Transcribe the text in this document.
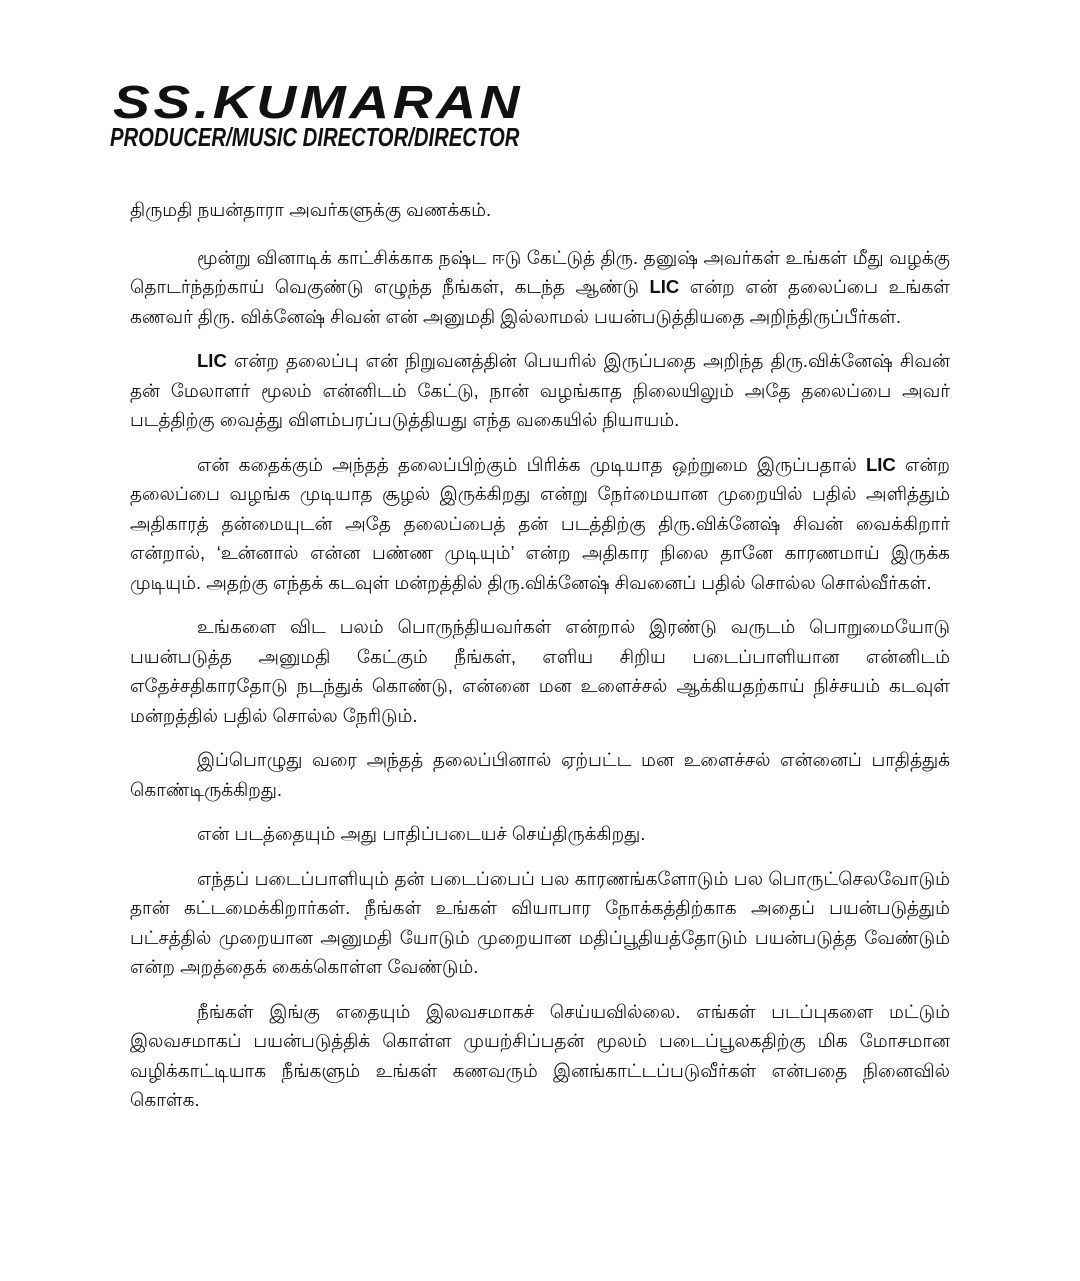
SS.KUMARAN
PRODUCER/MUSIC DIRECTOR/DIRECTOR

திருமதி நயன்தாரா அவர்களுக்கு வணக்கம்.

மூன்று வினாடிக் காட்சிக்காக நஷ்ட ஈடு கேட்டுத் திரு. தனுஷ் அவர்கள் உங்கள் மீது வழக்கு தொடர்ந்தற்காய் வெகுண்டு எழுந்த நீங்கள், கடந்த ஆண்டு LIC என்ற என் தலைப்பை உங்கள் கணவர் திரு. விக்னேஷ் சிவன் என் அனுமதி இல்லாமல் பயன்படுத்தியதை அறிந்திருப்பீர்கள்.

LIC என்ற தலைப்பு என் நிறுவனத்தின் பெயரில் இருப்பதை அறிந்த திரு.விக்னேஷ் சிவன் தன் மேலாளர் மூலம் என்னிடம் கேட்டு, நான் வழங்காத நிலையிலும் அதே தலைப்பை அவர் படத்திற்கு வைத்து விளம்பரப்படுத்தியது எந்த வகையில் நியாயம்.

என் கதைக்கும் அந்தத் தலைப்பிற்கும் பிரிக்க முடியாத ஒற்றுமை இருப்பதால் LIC என்ற தலைப்பை வழங்க முடியாத சூழல் இருக்கிறது என்று நேர்மையான முறையில் பதில் அளித்தும் அதிகாரத் தன்மையுடன் அதே தலைப்பைத் தன் படத்திற்கு திரு.விக்னேஷ் சிவன் வைக்கிறார் என்றால், ‘உன்னால் என்ன பண்ண முடியும்’ என்ற அதிகார நிலை தானே காரணமாய் இருக்க முடியும். அதற்கு எந்தக் கடவுள் மன்றத்தில் திரு.விக்னேஷ் சிவனைப் பதில் சொல்ல சொல்வீர்கள்.

உங்களை விட பலம் பொருந்தியவர்கள் என்றால் இரண்டு வருடம் பொறுமையோடு பயன்படுத்த அனுமதி கேட்கும் நீங்கள், எளிய சிறிய படைப்பாளியான என்னிடம் எதேச்சதிகாரதோடு நடந்துக் கொண்டு, என்னை மன உளைச்சல் ஆக்கியதற்காய் நிச்சயம் கடவுள் மன்றத்தில் பதில் சொல்ல நேரிடும்.

இப்பொழுது வரை அந்தத் தலைப்பினால் ஏற்பட்ட மன உளைச்சல் என்னைப் பாதித்துக் கொண்டிருக்கிறது.

என் படத்தையும் அது பாதிப்படையச் செய்திருக்கிறது.

எந்தப் படைப்பாளியும் தன் படைப்பைப் பல காரணங்களோடும் பல பொருட்செலவோடும் தான் கட்டமைக்கிறார்கள். நீங்கள் உங்கள் வியாபார நோக்கத்திற்காக அதைப் பயன்படுத்தும் பட்சத்தில் முறையான அனுமதி யோடும் முறையான மதிப்பூதியத்தோடும் பயன்படுத்த வேண்டும் என்ற அறத்தைக் கைக்கொள்ள வேண்டும்.

நீங்கள் இங்கு எதையும் இலவசமாகச் செய்யவில்லை. எங்கள் படப்புகளை மட்டும் இலவசமாகப் பயன்படுத்திக் கொள்ள முயற்சிப்பதன் மூலம் படைப்பூலகதிற்கு மிக மோசமான வழிக்காட்டியாக நீங்களும் உங்கள் கணவரும் இனங்காட்டப்படுவீர்கள் என்பதை நினைவில் கொள்க.
